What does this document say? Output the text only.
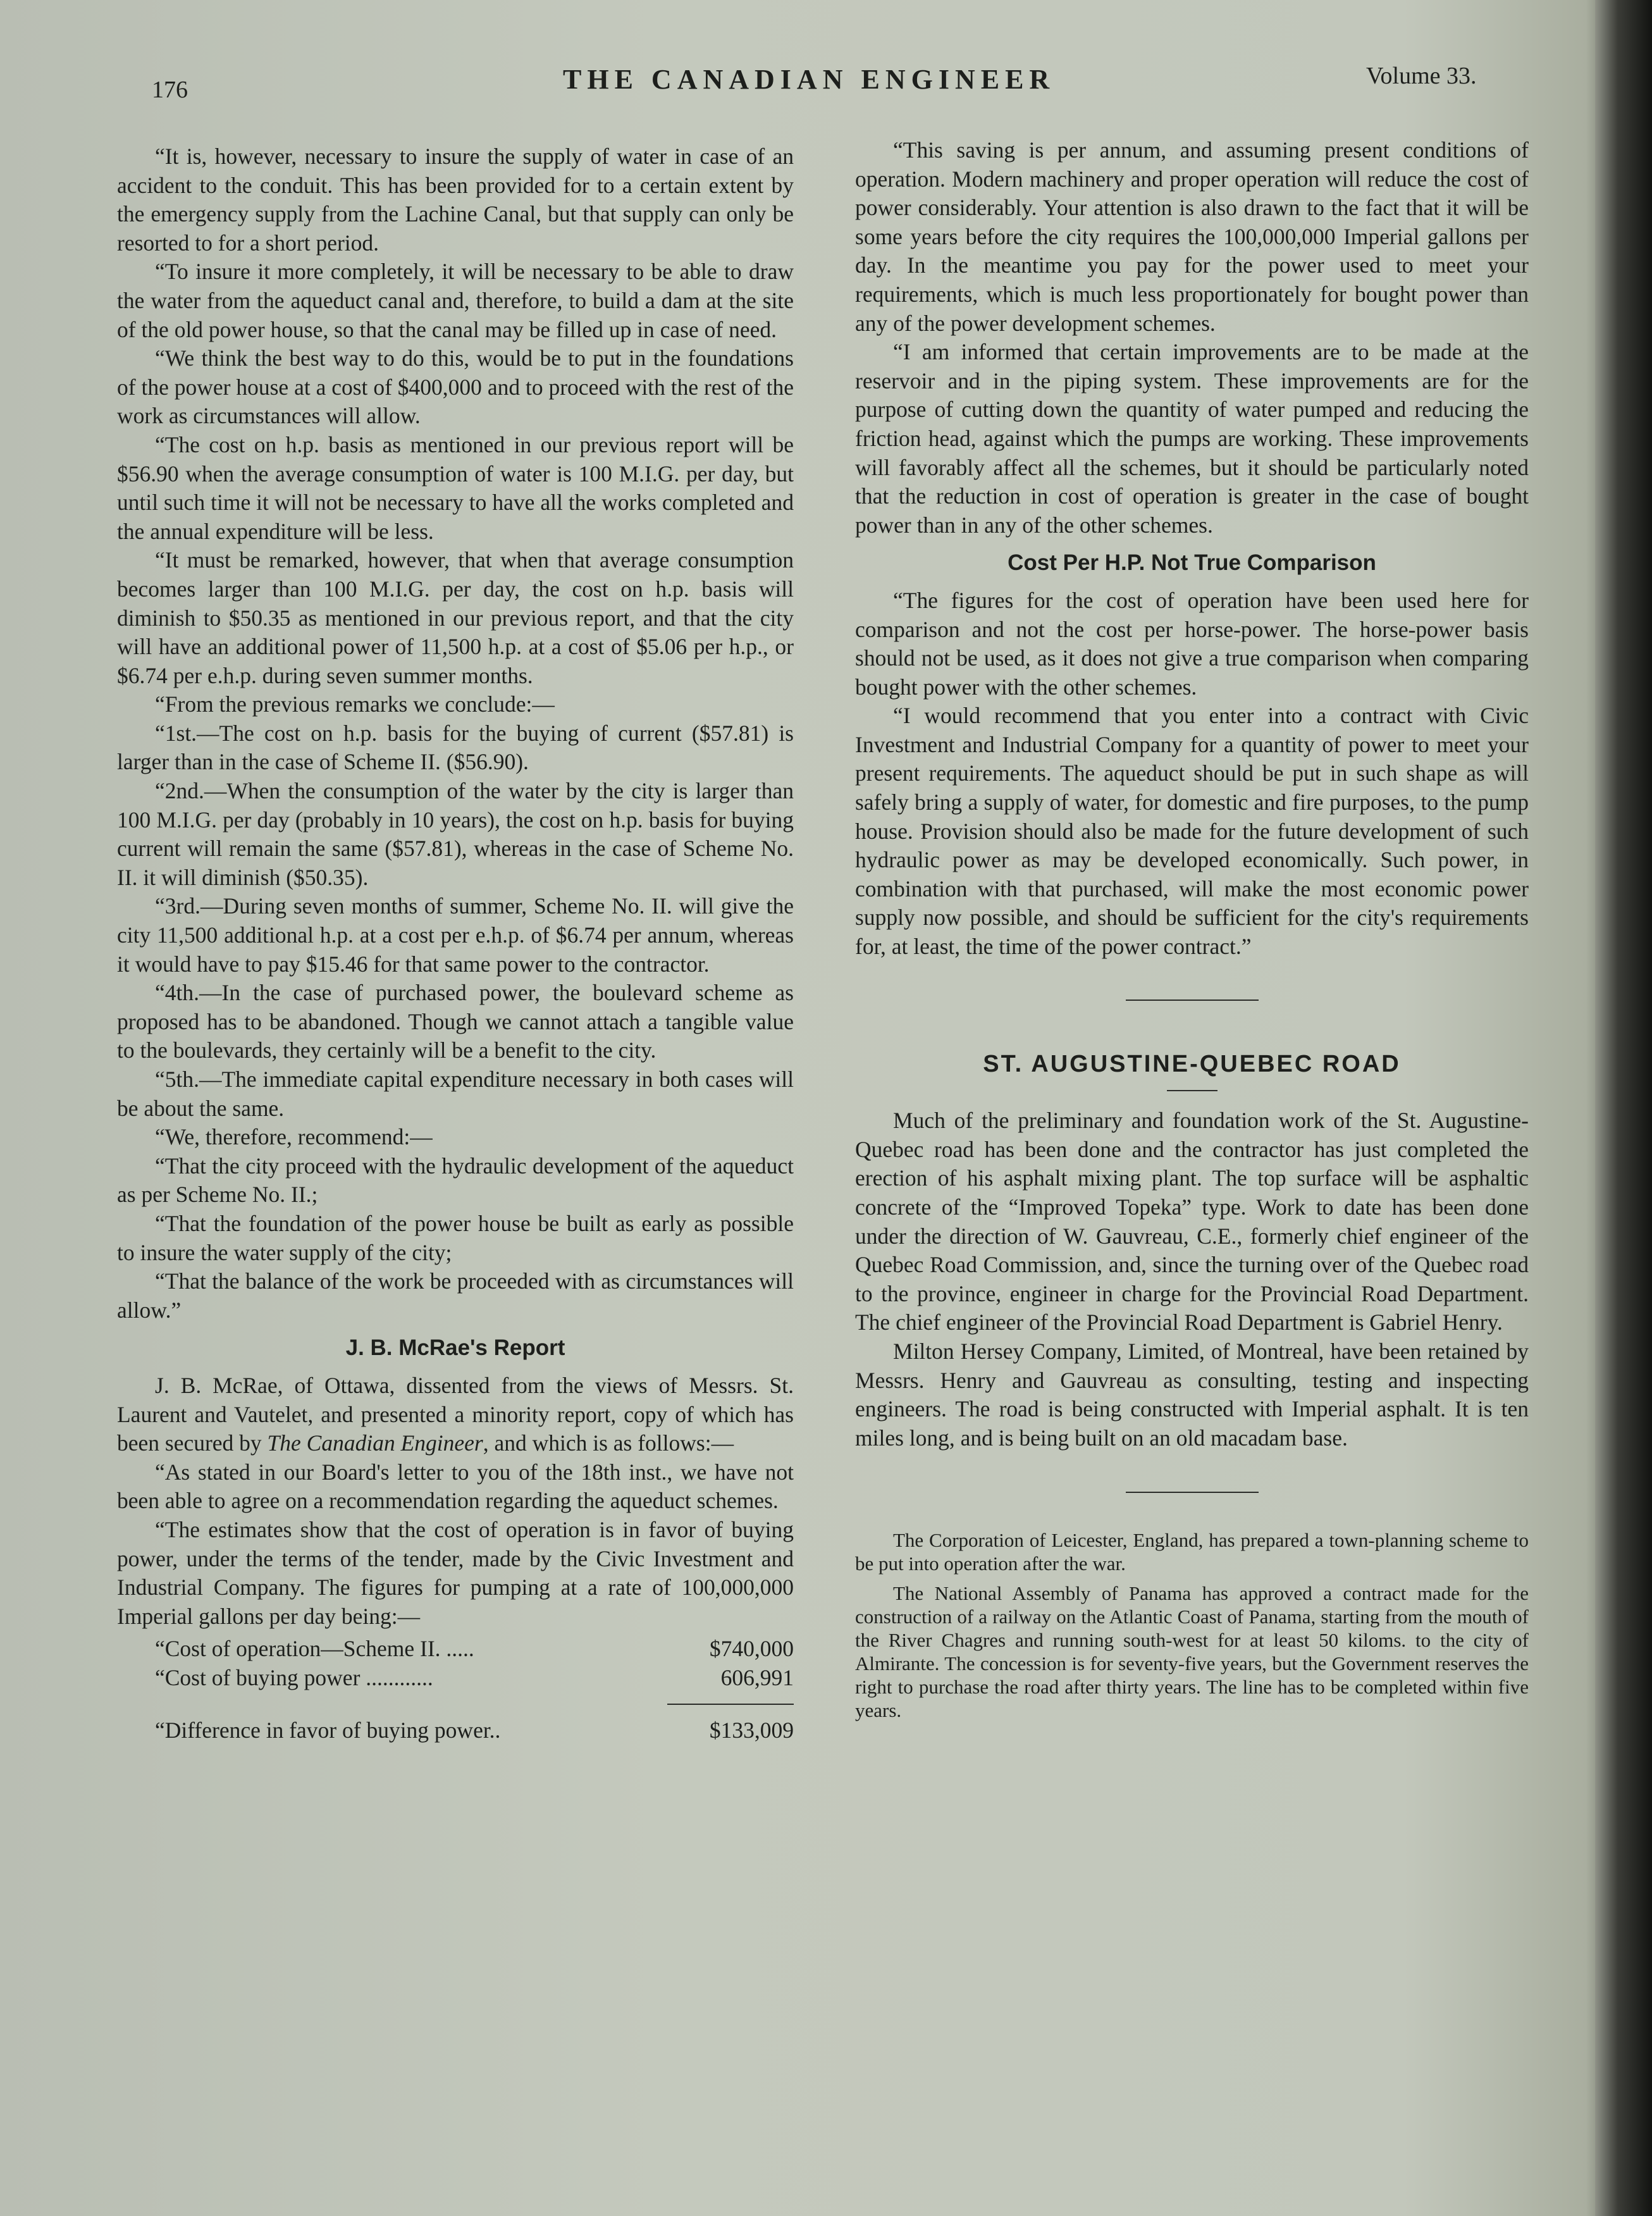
176	THE CANADIAN ENGINEER	Volume 33.

“It is, however, necessary to insure the supply of water in case of an accident to the conduit. This has been provided for to a certain extent by the emergency supply from the Lachine Canal, but that supply can only be resorted to for a short period.

“To insure it more completely, it will be necessary to be able to draw the water from the aqueduct canal and, therefore, to build a dam at the site of the old power house, so that the canal may be filled up in case of need.

“We think the best way to do this, would be to put in the foundations of the power house at a cost of $400,000 and to proceed with the rest of the work as circumstances will allow.

“The cost on h.p. basis as mentioned in our previous report will be $56.90 when the average consumption of water is 100 M.I.G. per day, but until such time it will not be necessary to have all the works completed and the annual expenditure will be less.

“It must be remarked, however, that when that average consumption becomes larger than 100 M.I.G. per day, the cost on h.p. basis will diminish to $50.35 as mentioned in our previous report, and that the city will have an additional power of 11,500 h.p. at a cost of $5.06 per h.p., or $6.74 per e.h.p. during seven summer months.

“From the previous remarks we conclude:—

“1st.—The cost on h.p. basis for the buying of current ($57.81) is larger than in the case of Scheme II. ($56.90).

“2nd.—When the consumption of the water by the city is larger than 100 M.I.G. per day (probably in 10 years), the cost on h.p. basis for buying current will remain the same ($57.81), whereas in the case of Scheme No. II. it will diminish ($50.35).

“3rd.—During seven months of summer, Scheme No. II. will give the city 11,500 additional h.p. at a cost per e.h.p. of $6.74 per annum, whereas it would have to pay $15.46 for that same power to the contractor.

“4th.—In the case of purchased power, the boulevard scheme as proposed has to be abandoned. Though we cannot attach a tangible value to the boulevards, they certainly will be a benefit to the city.

“5th.—The immediate capital expenditure necessary in both cases will be about the same.

“We, therefore, recommend:—

“That the city proceed with the hydraulic development of the aqueduct as per Scheme No. II.;

“That the foundation of the power house be built as early as possible to insure the water supply of the city;

“That the balance of the work be proceeded with as circumstances will allow.”

J. B. McRae's Report

J. B. McRae, of Ottawa, dissented from the views of Messrs. St. Laurent and Vautelet, and presented a minority report, copy of which has been secured by The Canadian Engineer, and which is as follows:—

“As stated in our Board's letter to you of the 18th inst., we have not been able to agree on a recommendation regarding the aqueduct schemes.

“The estimates show that the cost of operation is in favor of buying power, under the terms of the tender, made by the Civic Investment and Industrial Company. The figures for pumping at a rate of 100,000,000 Imperial gallons per day being:—

“Cost of operation—Scheme II. .....	$740,000
“Cost of buying power ............	606,991
“Difference in favor of buying power..	$133,009

“This saving is per annum, and assuming present conditions of operation. Modern machinery and proper operation will reduce the cost of power considerably. Your attention is also drawn to the fact that it will be some years before the city requires the 100,000,000 Imperial gallons per day. In the meantime you pay for the power used to meet your requirements, which is much less proportionately for bought power than any of the power development schemes.

“I am informed that certain improvements are to be made at the reservoir and in the piping system. These improvements are for the purpose of cutting down the quantity of water pumped and reducing the friction head, against which the pumps are working. These improvements will favorably affect all the schemes, but it should be particularly noted that the reduction in cost of operation is greater in the case of bought power than in any of the other schemes.

Cost Per H.P. Not True Comparison

“The figures for the cost of operation have been used here for comparison and not the cost per horse-power. The horse-power basis should not be used, as it does not give a true comparison when comparing bought power with the other schemes.

“I would recommend that you enter into a contract with Civic Investment and Industrial Company for a quantity of power to meet your present requirements. The aqueduct should be put in such shape as will safely bring a supply of water, for domestic and fire purposes, to the pump house. Provision should also be made for the future development of such hydraulic power as may be developed economically. Such power, in combination with that purchased, will make the most economic power supply now possible, and should be sufficient for the city's requirements for, at least, the time of the power contract.”

ST. AUGUSTINE-QUEBEC ROAD

Much of the preliminary and foundation work of the St. Augustine-Quebec road has been done and the contractor has just completed the erection of his asphalt mixing plant. The top surface will be asphaltic concrete of the “Improved Topeka” type. Work to date has been done under the direction of W. Gauvreau, C.E., formerly chief engineer of the Quebec Road Commission, and, since the turning over of the Quebec road to the province, engineer in charge for the Provincial Road Department. The chief engineer of the Provincial Road Department is Gabriel Henry.

Milton Hersey Company, Limited, of Montreal, have been retained by Messrs. Henry and Gauvreau as consulting, testing and inspecting engineers. The road is being constructed with Imperial asphalt. It is ten miles long, and is being built on an old macadam base.

The Corporation of Leicester, England, has prepared a town-planning scheme to be put into operation after the war.

The National Assembly of Panama has approved a contract made for the construction of a railway on the Atlantic Coast of Panama, starting from the mouth of the River Chagres and running south-west for at least 50 kiloms. to the city of Almirante. The concession is for seventy-five years, but the Government reserves the right to purchase the road after thirty years. The line has to be completed within five years.
